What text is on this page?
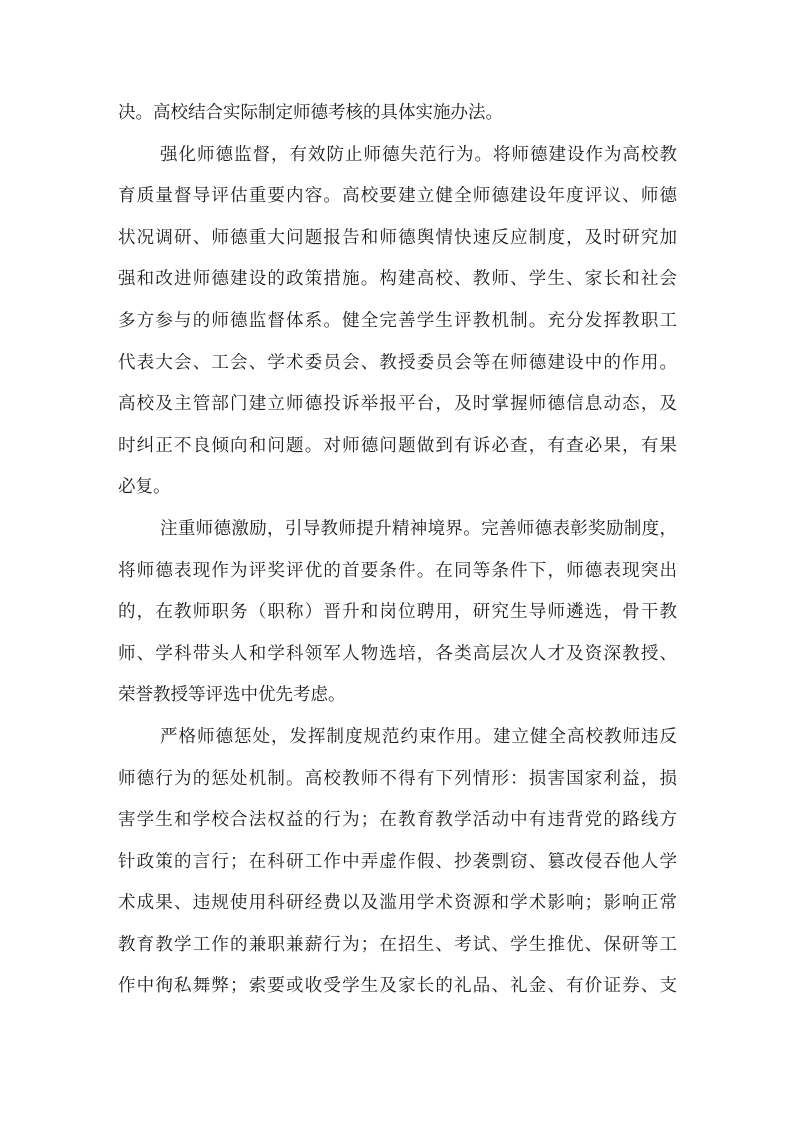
决。高校结合实际制定师德考核的具体实施办法。
强化师德监督，有效防止师德失范行为。将师德建设作为高校教
育质量督导评估重要内容。高校要建立健全师德建设年度评议、师德
状况调研、师德重大问题报告和师德舆情快速反应制度，及时研究加
强和改进师德建设的政策措施。构建高校、教师、学生、家长和社会
多方参与的师德监督体系。健全完善学生评教机制。充分发挥教职工
代表大会、工会、学术委员会、教授委员会等在师德建设中的作用。
高校及主管部门建立师德投诉举报平台，及时掌握师德信息动态，及
时纠正不良倾向和问题。对师德问题做到有诉必查，有查必果，有果
必复。
注重师德激励，引导教师提升精神境界。完善师德表彰奖励制度，
将师德表现作为评奖评优的首要条件。在同等条件下，师德表现突出
的，在教师职务（职称）晋升和岗位聘用，研究生导师遴选，骨干教
师、学科带头人和学科领军人物选培，各类高层次人才及资深教授、
荣誉教授等评选中优先考虑。
严格师德惩处，发挥制度规范约束作用。建立健全高校教师违反
师德行为的惩处机制。高校教师不得有下列情形：损害国家利益，损
害学生和学校合法权益的行为；在教育教学活动中有违背党的路线方
针政策的言行；在科研工作中弄虚作假、抄袭剽窃、篡改侵吞他人学
术成果、违规使用科研经费以及滥用学术资源和学术影响；影响正常
教育教学工作的兼职兼薪行为；在招生、考试、学生推优、保研等工
作中徇私舞弊；索要或收受学生及家长的礼品、礼金、有价证券、支
